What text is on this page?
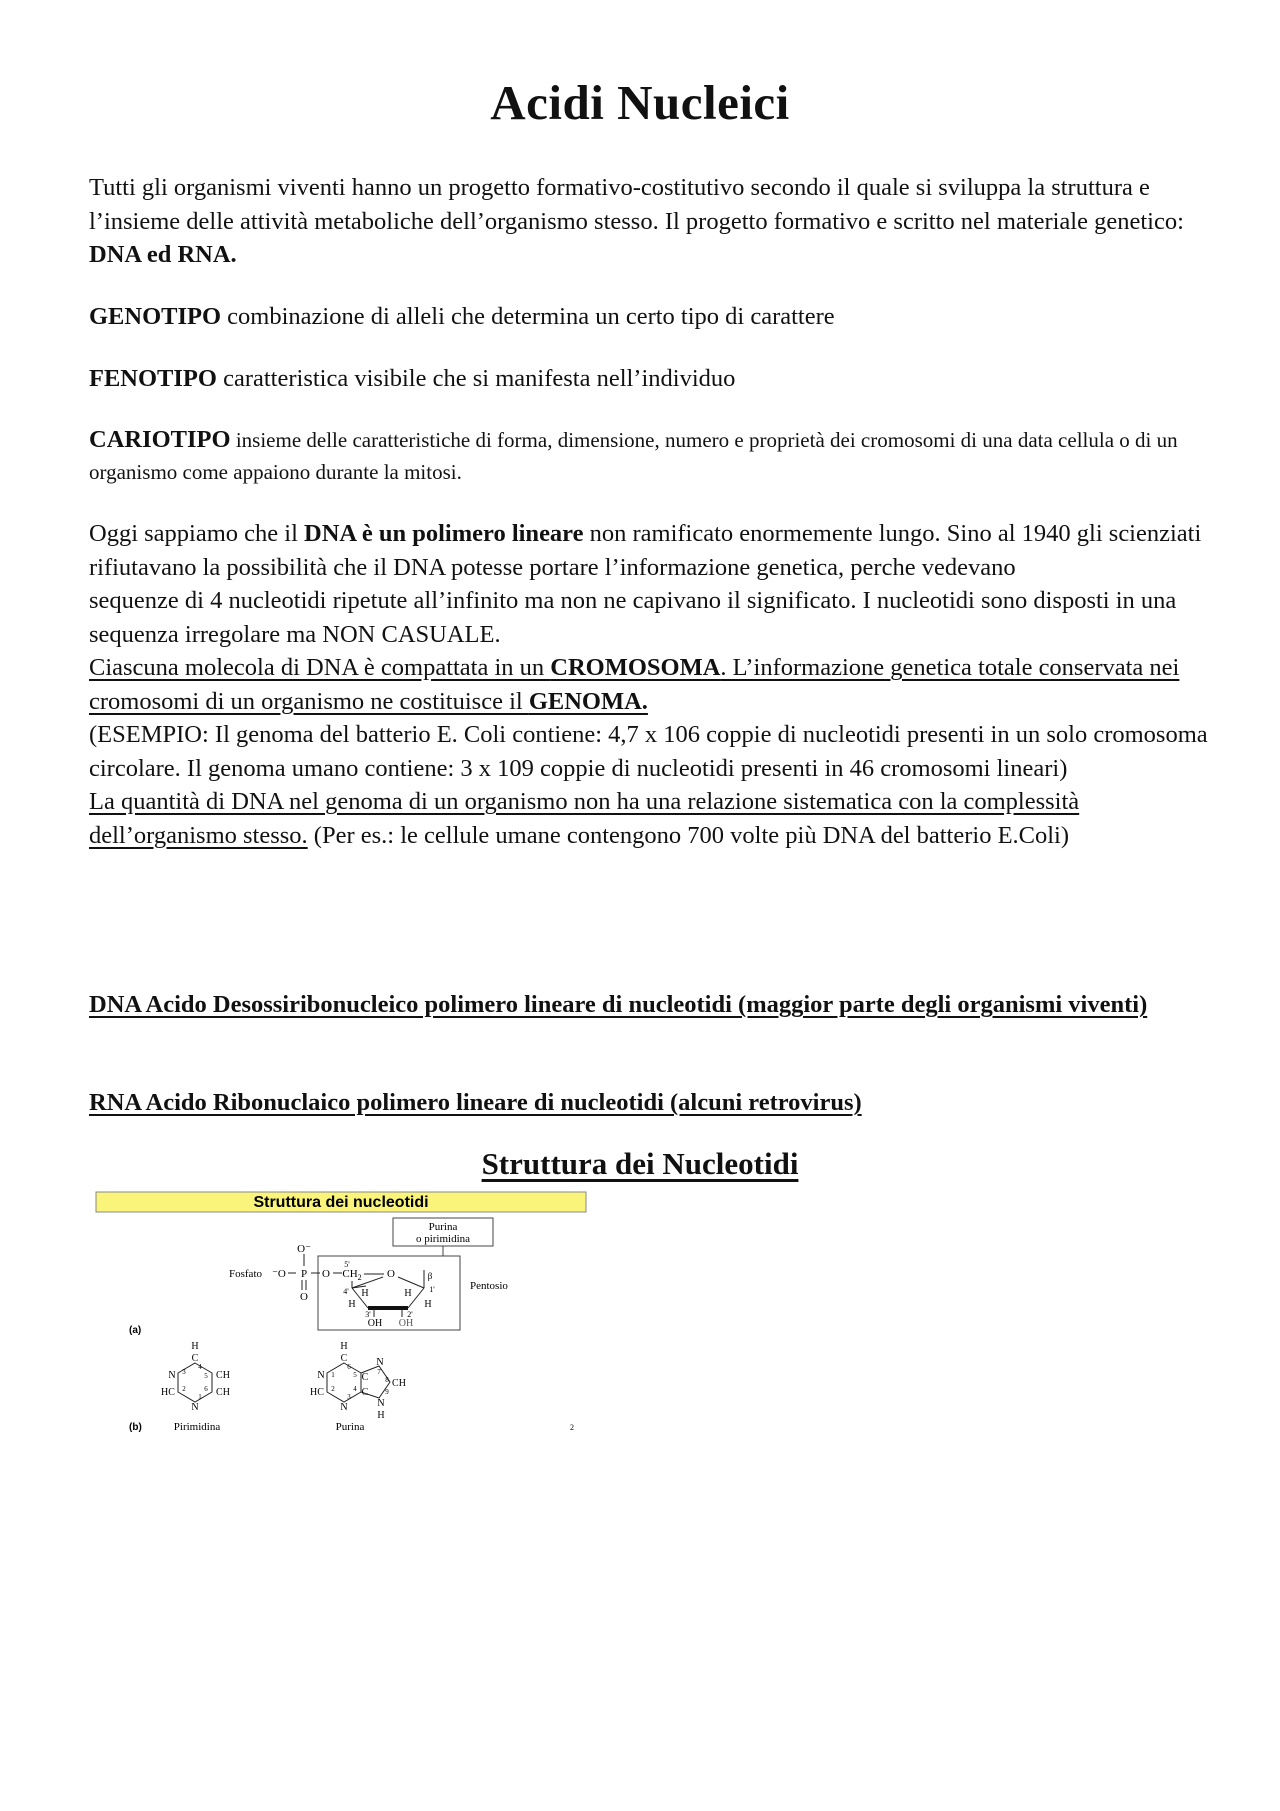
Acidi Nucleici

Tutti gli organismi viventi hanno un progetto formativo-costitutivo secondo il quale si sviluppa la struttura e l’insieme delle attività metaboliche dell’organismo stesso. Il progetto formativo e scritto nel materiale genetico: DNA ed RNA.

GENOTIPO combinazione di alleli che determina un certo tipo di carattere

FENOTIPO caratteristica visibile che si manifesta nell’individuo

CARIOTIPO insieme delle caratteristiche di forma, dimensione, numero e proprietà dei cromosomi di una data cellula o di un organismo come appaiono durante la mitosi.

Oggi sappiamo che il DNA è un polimero lineare non ramificato enormemente lungo. Sino al 1940 gli scienziati rifiutavano la possibilità che il DNA potesse portare l’informazione genetica, perche vedevano
sequenze di 4 nucleotidi ripetute all’infinito ma non ne capivano il significato. I nucleotidi sono disposti in una sequenza irregolare ma NON CASUALE.
Ciascuna molecola di DNA è compattata in un CROMOSOMA. L’informazione genetica totale conservata nei cromosomi di un organismo ne costituisce il GENOMA.
(ESEMPIO: Il genoma del batterio E. Coli contiene: 4,7 x 106 coppie di nucleotidi presenti in un solo cromosoma circolare. Il genoma umano contiene: 3 x 109 coppie di nucleotidi presenti in 46 cromosomi lineari)
La quantità di DNA nel genoma di un organismo non ha una relazione sistematica con la complessità dell’organismo stesso. (Per es.: le cellule umane contengono 700 volte più DNA del batterio E.Coli)

DNA Acido Desossiribonucleico polimero lineare di nucleotidi (maggior parte degli organismi viventi)

RNA Acido Ribonuclaico polimero lineare di nucleotidi (alcuni retrovirus)

Struttura dei Nucleotidi
Struttura dei nucleotidi
Purina
o pirimidina
Fosfato ⁻O P
O⁻
O
O $CH_2$
5'
O
4'	1'
β
H	H
H	H
3'	2'
OH OH
Pentosio
(a)
H
C
N	CH
CH
HC
N
3
4
5
6
2
1
H
C
N	C
C
HC
N
N
CH
N
H
6
1	5
2	4
3
7
8
9
(b)	Pirimidina	Purina	2
